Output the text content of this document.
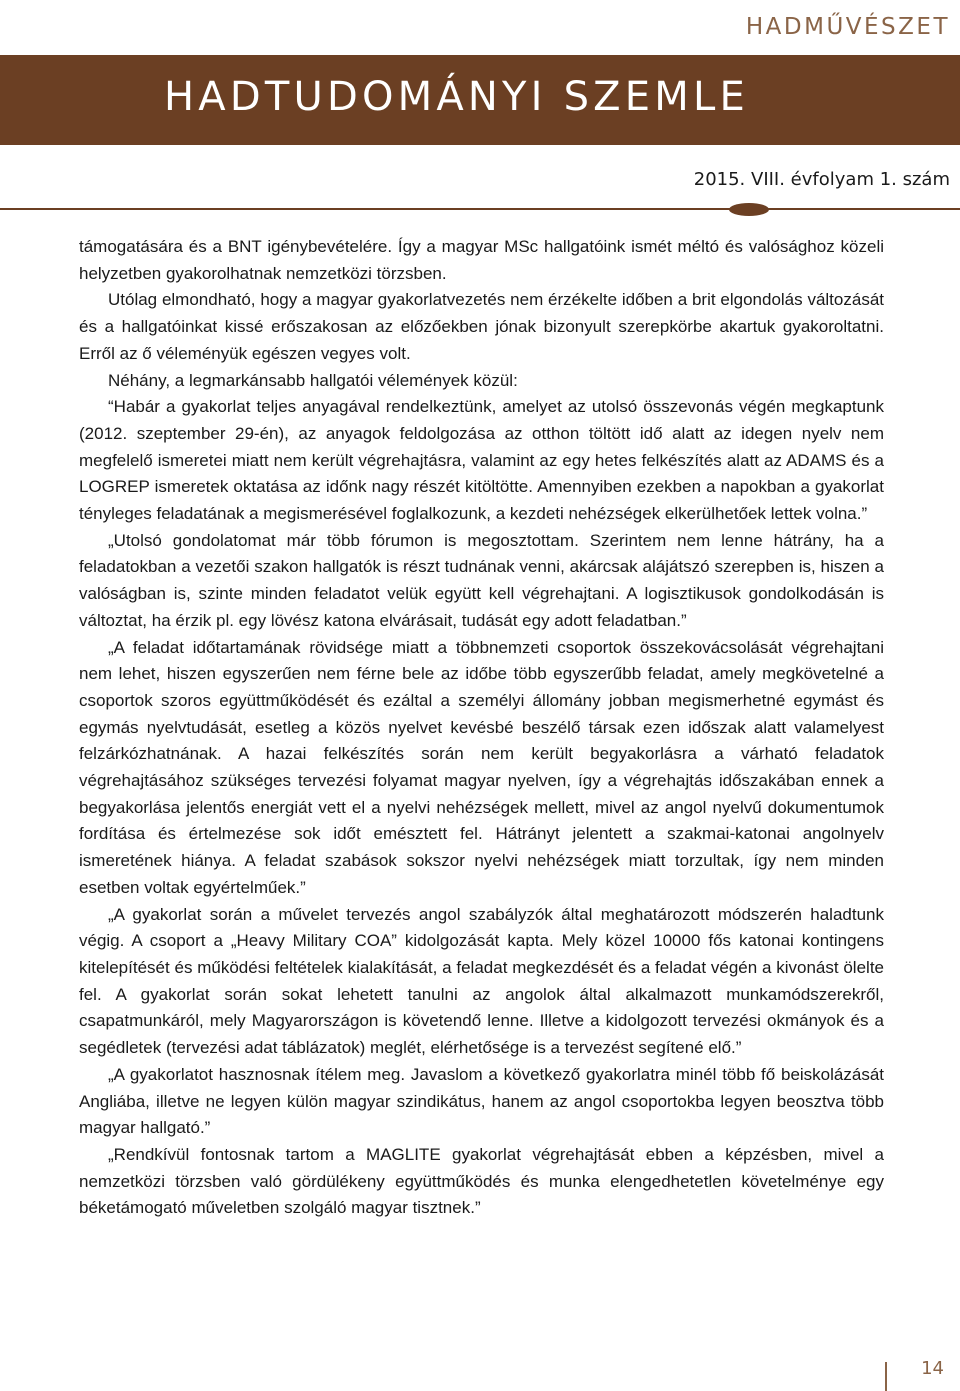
HADMŰVÉSZET
HADTUDOMÁNYI SZEMLE
2015. VIII. évfolyam 1. szám

támogatására és a BNT igénybevételére. Így a magyar MSc hallgatóink ismét méltó és valósághoz közeli helyzetben gyakorolhatnak nemzetközi törzsben.

Utólag elmondható, hogy a magyar gyakorlatvezetés nem érzékelte időben a brit elgondolás változását és a hallgatóinkat kissé erőszakosan az előzőekben jónak bizonyult szerepkörbe akartuk gyakoroltatni. Erről az ő véleményük egészen vegyes volt.

Néhány, a legmarkánsabb hallgatói vélemények közül:

“Habár a gyakorlat teljes anyagával rendelkeztünk, amelyet az utolsó összevonás végén megkaptunk (2012. szeptember 29-én), az anyagok feldolgozása az otthon töltött idő alatt az idegen nyelv nem megfelelő ismeretei miatt nem került végrehajtásra, valamint az egy hetes felkészítés alatt az ADAMS és a LOGREP ismeretek oktatása az időnk nagy részét kitöltötte. Amennyiben ezekben a napokban a gyakorlat tényleges feladatának a megismerésével foglalkozunk, a kezdeti nehézségek elkerülhetőek lettek volna.”

„Utolsó gondolatomat már több fórumon is megosztottam. Szerintem nem lenne hátrány, ha a feladatokban a vezetői szakon hallgatók is részt tudnának venni, akárcsak alájátszó szerepben is, hiszen a valóságban is, szinte minden feladatot velük együtt kell végrehajtani. A logisztikusok gondolkodásán is változtat, ha érzik pl. egy lövész katona elvárásait, tudását egy adott feladatban.”

„A feladat időtartamának rövidsége miatt a többnemzeti csoportok összekovácsolását végrehajtani nem lehet, hiszen egyszerűen nem férne bele az időbe több egyszerűbb feladat, amely megkövetelné a csoportok szoros együttműködését és ezáltal a személyi állomány jobban megismerhetné egymást és egymás nyelvtudását, esetleg a közös nyelvet kevésbé beszélő társak ezen időszak alatt valamelyest felzárkózhatnának. A hazai felkészítés során nem került begyakorlásra a várható feladatok végrehajtásához szükséges tervezési folyamat magyar nyelven, így a végrehajtás időszakában ennek a begyakorlása jelentős energiát vett el a nyelvi nehézségek mellett, mivel az angol nyelvű dokumentumok fordítása és értelmezése sok időt emésztett fel. Hátrányt jelentett a szakmai-katonai angolnyelv ismeretének hiánya. A feladat szabások sokszor nyelvi nehézségek miatt torzultak, így nem minden esetben voltak egyértelműek.”

„A gyakorlat során a művelet tervezés angol szabályzók által meghatározott módszerén haladtunk végig. A csoport a „Heavy Military COA” kidolgozását kapta. Mely közel 10000 fős katonai kontingens kitelepítését és működési feltételek kialakítását, a feladat megkezdését és a feladat végén a kivonást ölelte fel. A gyakorlat során sokat lehetett tanulni az angolok által alkalmazott munkamódszerekről, csapatmunkáról, mely Magyarországon is követendő lenne. Illetve a kidolgozott tervezési okmányok és a segédletek (tervezési adat táblázatok) meglét, elérhetősége is a tervezést segítené elő.”

„A gyakorlatot hasznosnak ítélem meg. Javaslom a következő gyakorlatra minél több fő beiskolázását Angliába, illetve ne legyen külön magyar szindikátus, hanem az angol csoportokba legyen beosztva több magyar hallgató.”

„Rendkívül fontosnak tartom a MAGLITE gyakorlat végrehajtását ebben a képzésben, mivel a nemzetközi törzsben való gördülékeny együttműködés és munka elengedhetetlen követelménye egy béketámogató műveletben szolgáló magyar tisztnek.”

14
